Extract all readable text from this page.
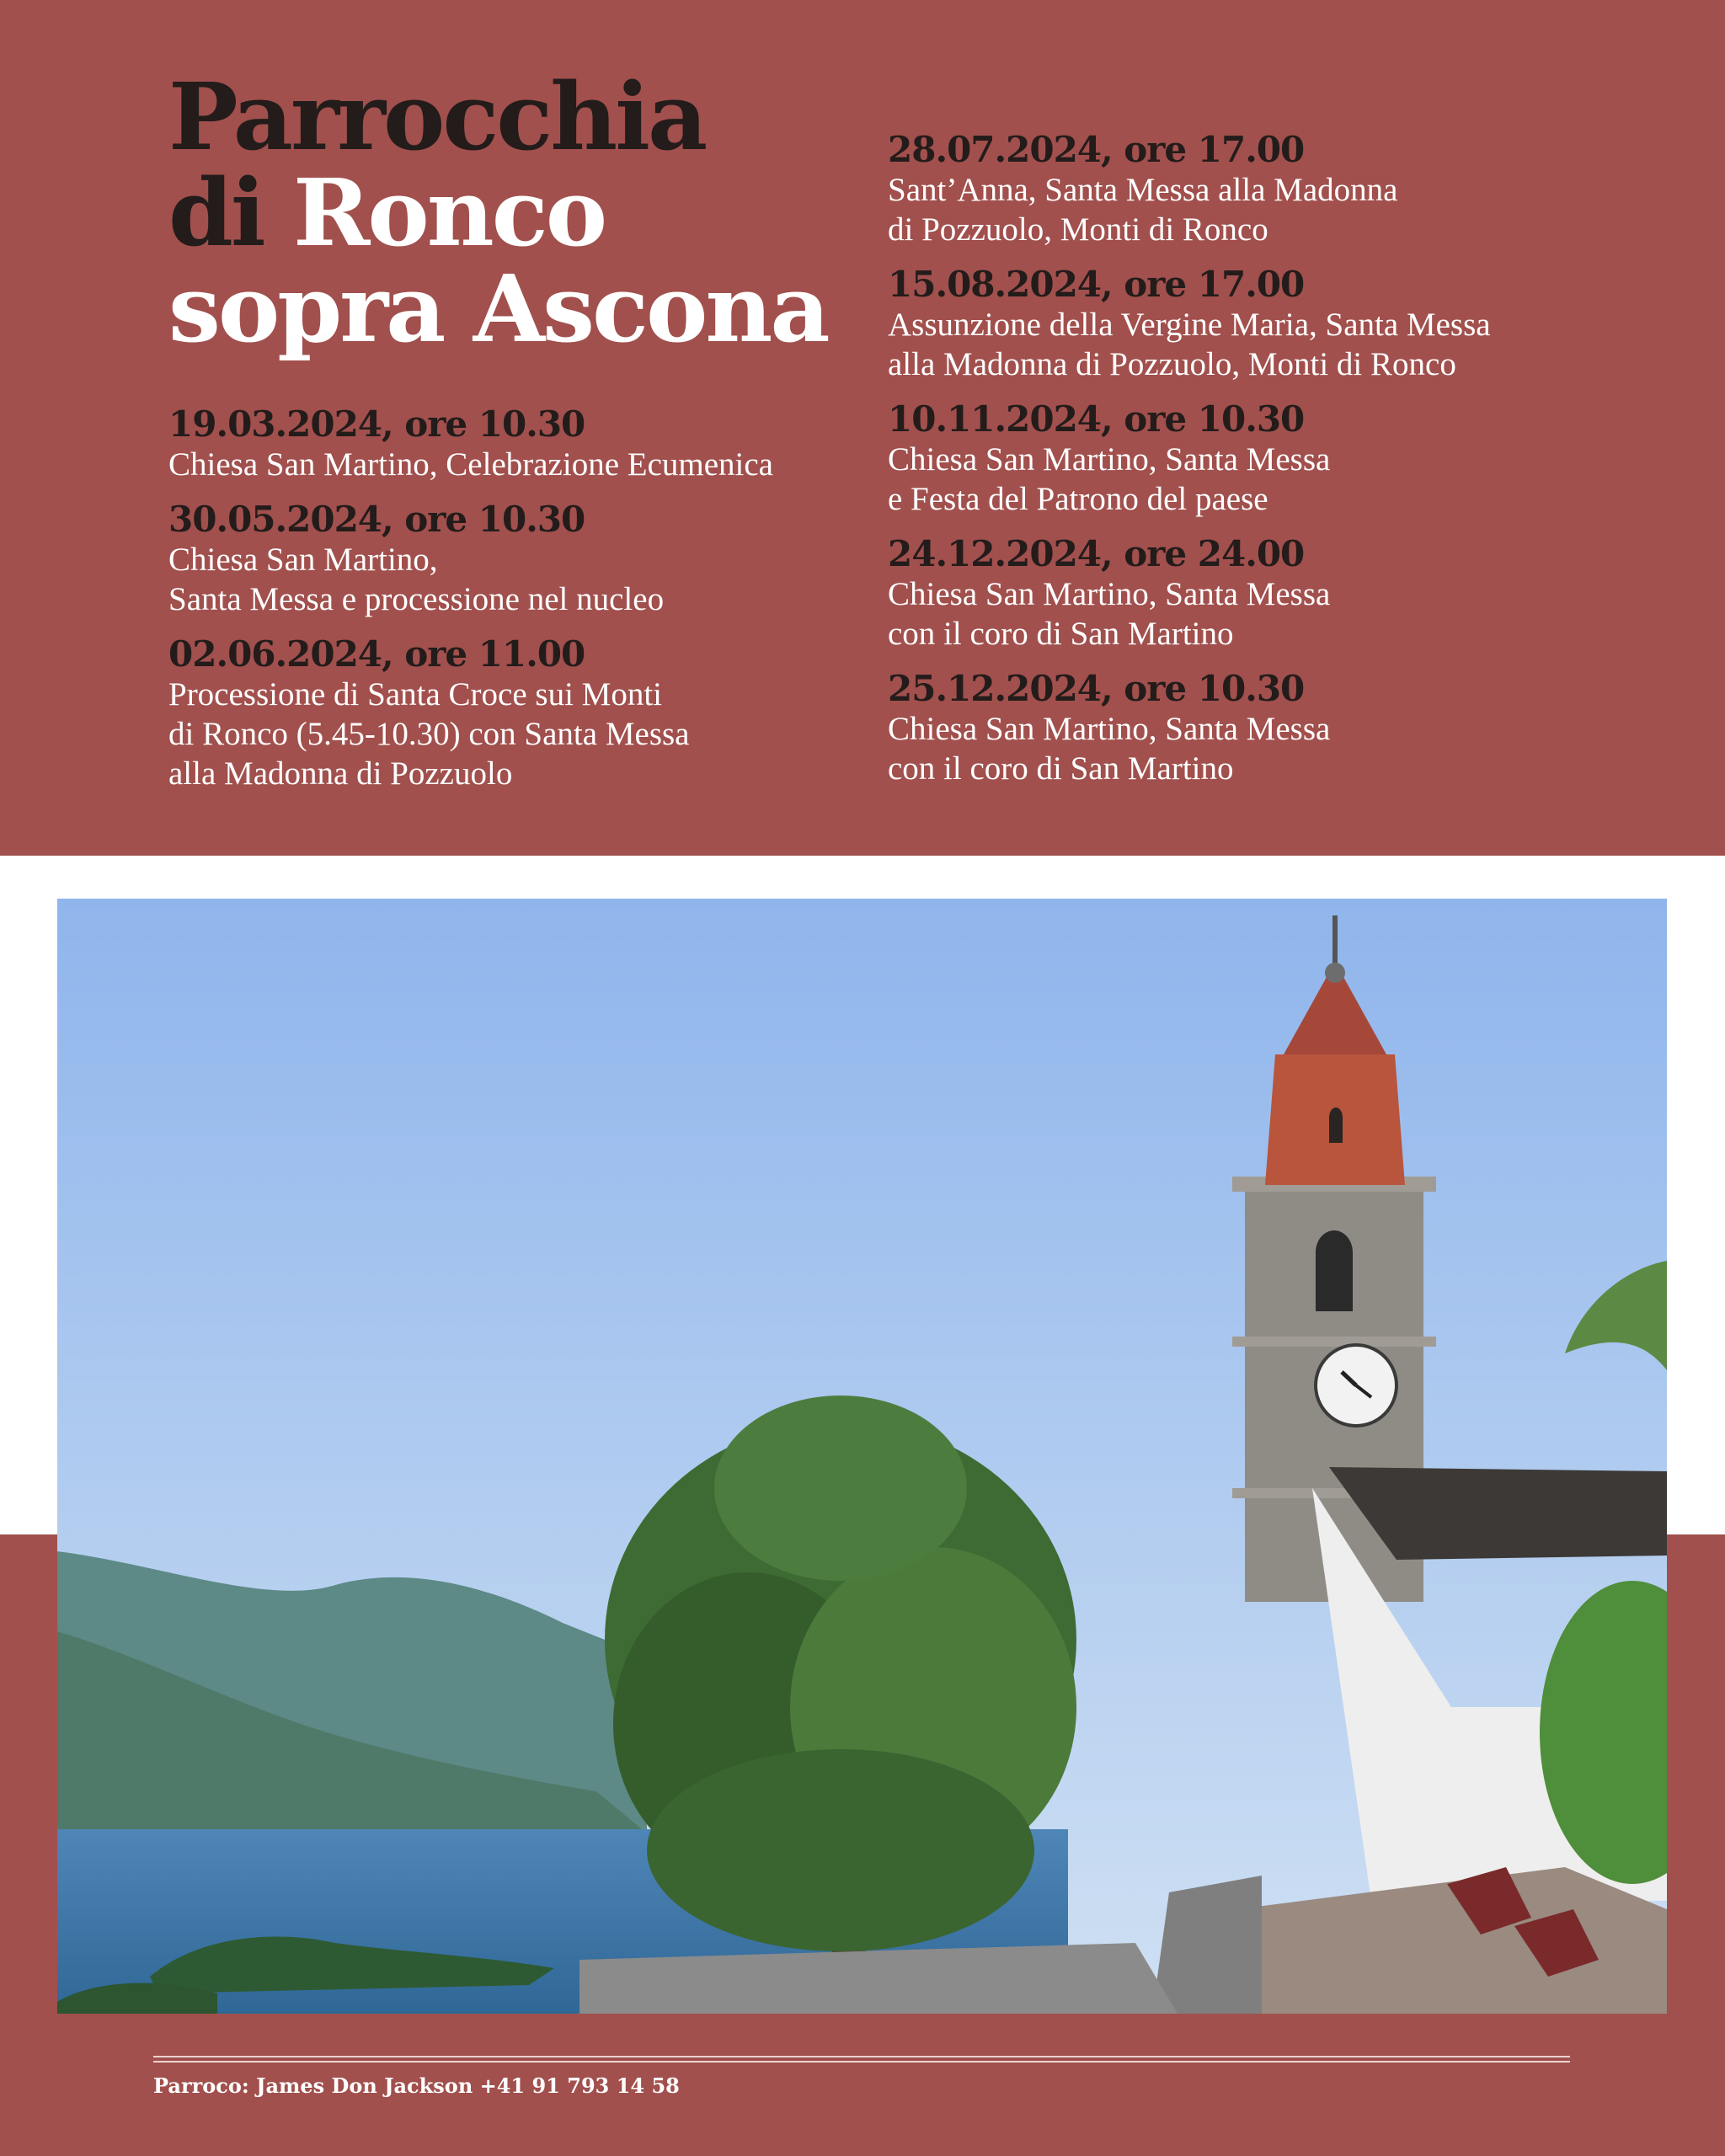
Parrocchia
di Ronco
sopra Ascona
19.03.2024, ore 10.30
Chiesa San Martino, Celebrazione Ecumenica
30.05.2024, ore 10.30
Chiesa San Martino,
Santa Messa e processione nel nucleo
02.06.2024, ore 11.00
Processione di Santa Croce sui Monti
di Ronco (5.45-10.30) con Santa Messa
alla Madonna di Pozzuolo
28.07.2024, ore 17.00
Sant’Anna, Santa Messa alla Madonna
di Pozzuolo, Monti di Ronco
15.08.2024, ore 17.00
Assunzione della Vergine Maria, Santa Messa
alla Madonna di Pozzuolo, Monti di Ronco
10.11.2024, ore 10.30
Chiesa San Martino, Santa Messa
e Festa del Patrono del paese
24.12.2024, ore 24.00
Chiesa San Martino, Santa Messa
con il coro di San Martino
25.12.2024, ore 10.30
Chiesa San Martino, Santa Messa
con il coro di San Martino
Parroco: James Don Jackson +41 91 793 14 58
